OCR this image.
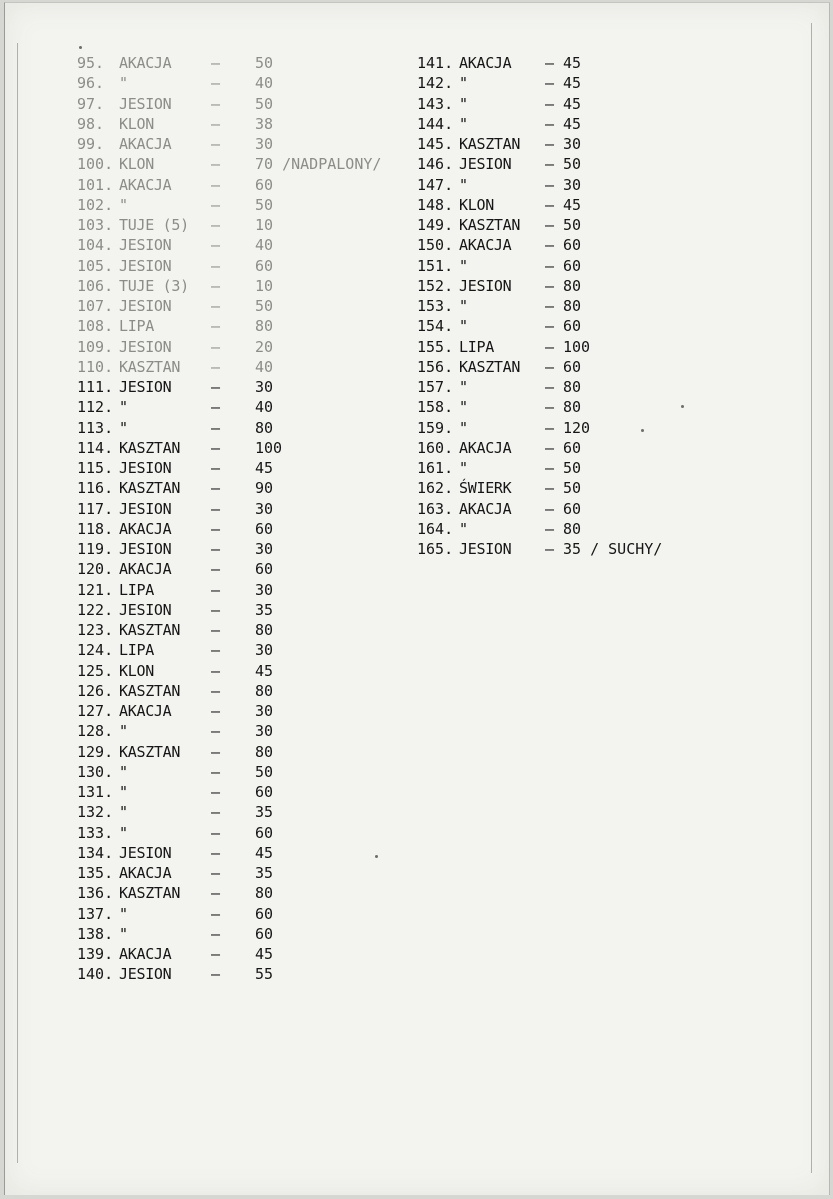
95. AKACJA	– 50
96. "	– 40
97. JESION	– 50
98. KLON	– 38
99. AKACJA	– 30
100. KLON	– 70 /NADPALONY/
101. AKACJA	– 60
102. "	– 50
103. TUJE (5) – 10
104. JESION	– 40
105. JESION	– 60
106. TUJE (3) – 10
107. JESION	– 50
108. LIPA	– 80
109. JESION	– 20
110. KASZTAN – 40
111. JESION	– 30
112. "	– 40
113. "	– 80
114. KASZTAN – 100
115. JESION	– 45
116. KASZTAN – 90
117. JESION	– 30
118. AKACJA	– 60
119. JESION	– 30
120. AKACJA	– 60
121. LIPA	– 30
122. JESION	– 35
123. KASZTAN – 80
124. LIPA	– 30
125. KLON	– 45
126. KASZTAN – 80
127. AKACJA	– 30
128. "	– 30
129. KASZTAN – 80
130. "	– 50
131. "	– 60
132. "	– 35
133. "	– 60
134. JESION	– 45
135. AKACJA	– 35
136. KASZTAN – 80
137. "	– 60
138. "	– 60
139. AKACJA	– 45
140. JESION	– 55
141. AKACJA – 45
142. "	– 45
143. "	– 45
144. "	– 45
145. KASZTAN – 30
146. JESION – 50
147. "	– 30
148. KLON	– 45
149. KASZTAN – 50
150. AKACJA – 60
151. "	– 60
152. JESION – 80
153. "	– 80
154. "	– 60
155. LIPA	– 100
156. KASZTAN – 60
157. "	– 80
158. "	– 80
159. "	– 120
160. AKACJA – 60
161. "	– 50
162. ŚWIERK – 50
163. AKACJA – 60
164. "	– 80
165. JESION – 35 / SUCHY/
